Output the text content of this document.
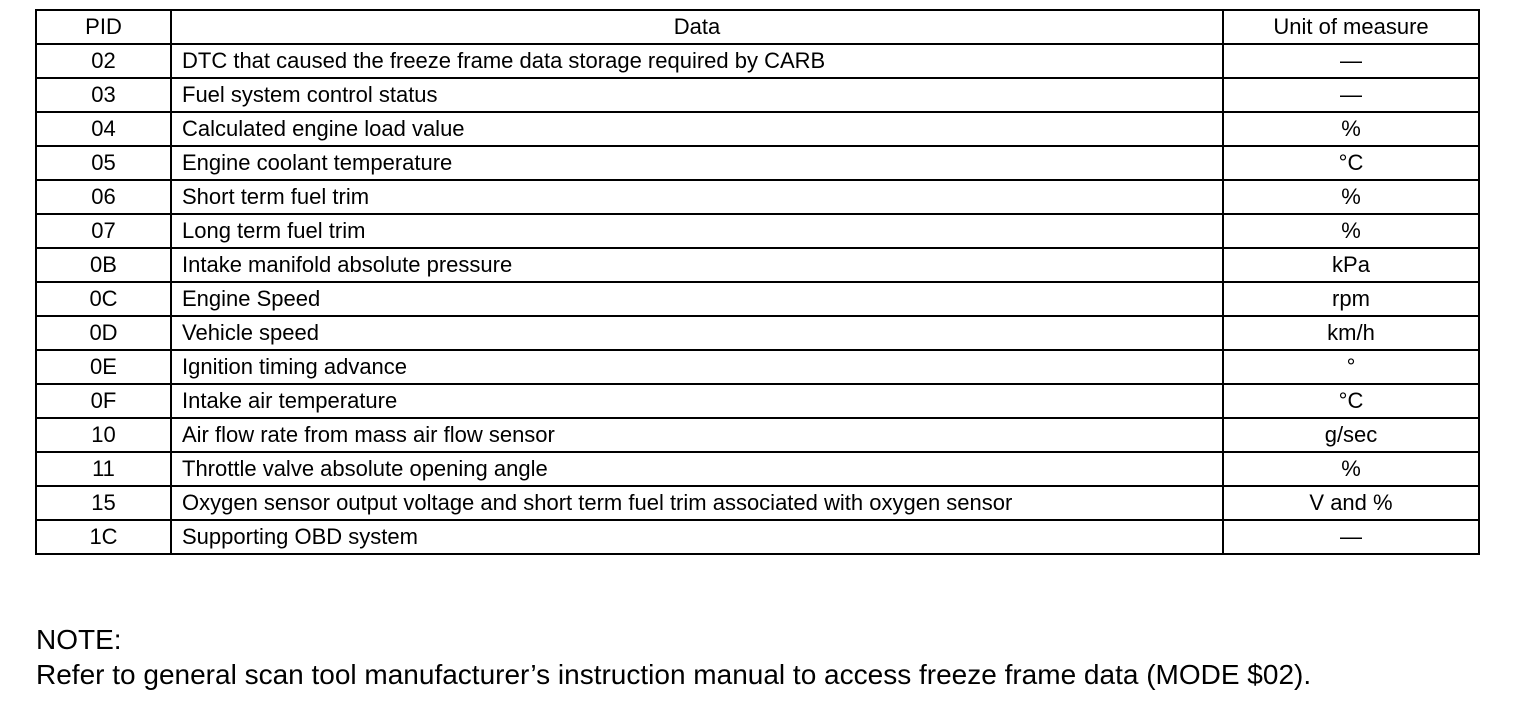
PID	Data	Unit of measure
02	DTC that caused the freeze frame data storage required by CARB	—
03	Fuel system control status	—
04	Calculated engine load value	%
05	Engine coolant temperature	°C
06	Short term fuel trim	%
07	Long term fuel trim	%
0B	Intake manifold absolute pressure	kPa
0C	Engine Speed	rpm
0D	Vehicle speed	km/h
0E	Ignition timing advance	°
0F	Intake air temperature	°C
10	Air flow rate from mass air flow sensor	g/sec
11	Throttle valve absolute opening angle	%
15	Oxygen sensor output voltage and short term fuel trim associated with oxygen sensor	V and %
1C	Supporting OBD system	—
NOTE:
Refer to general scan tool manufacturer’s instruction manual to access freeze frame data (MODE $02).
